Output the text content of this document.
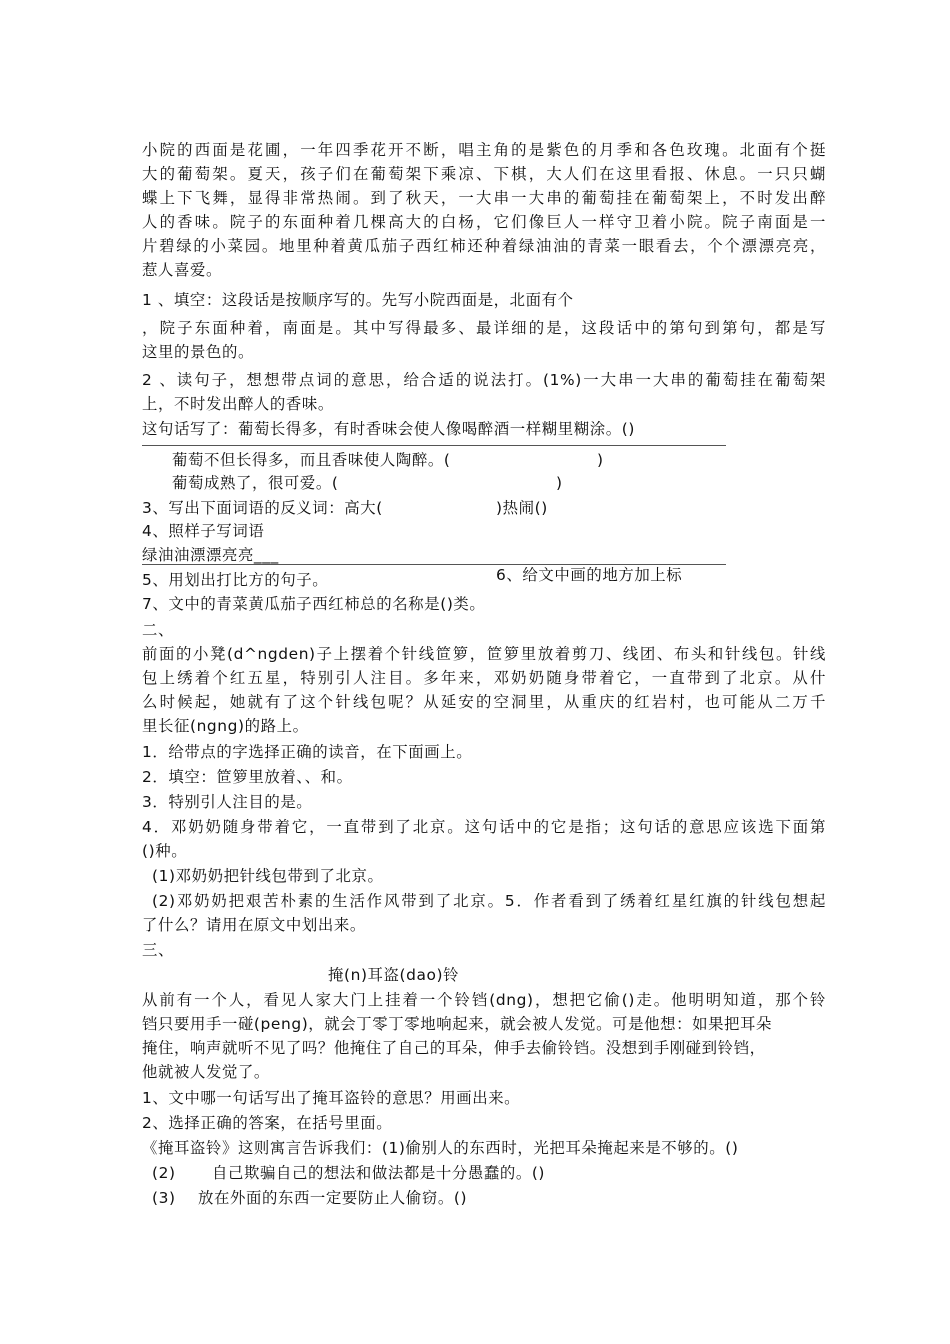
小院的西面是花圃，一年四季花开不断，唱主角的是紫色的月季和各色玫瑰。北面有个挺
大的葡萄架。夏天，孩子们在葡萄架下乘凉、下棋，大人们在这里看报、休息。一只只蝴
蝶上下飞舞，显得非常热闹。到了秋天，一大串一大串的葡萄挂在葡萄架上，不时发出醉
人的香味。院子的东面种着几棵高大的白杨，它们像巨人一样守卫着小院。院子南面是一
片碧绿的小菜园。地里种着黄瓜茄子西红柿还种着绿油油的青菜一眼看去，个个漂漂亮亮，
惹人喜爱。
1 、填空：这段话是按顺序写的。先写小院西面是，北面有个
，院子东面种着，南面是。其中写得最多、最详细的是，这段话中的第句到第句，都是写
这里的景色的。
2 、读句子，想想带点词的意思，给合适的说法打。(1%)一大串一大串的葡萄挂在葡萄架
上，不时发出醉人的香味。
这句话写了：葡萄长得多，有时香味会使人像喝醉酒一样糊里糊涂。()
葡萄不但长得多，而且香味使人陶醉。(	)
葡萄成熟了，很可爱。(	)
3、写出下面词语的反义词：高大(	)热闹()
4、照样子写词语
绿油油漂漂亮亮___
5、用划出打比方的句子。	6、给文中画的地方加上标
7、文中的青菜黄瓜茄子西红柿总的名称是()类。
二、
前面的小凳(d^ngden)子上摆着个针线笸箩，笸箩里放着剪刀、线团、布头和针线包。针线
包上绣着个红五星，特别引人注目。多年来，邓奶奶随身带着它，一直带到了北京。从什
么时候起，她就有了这个针线包呢？从延安的空洞里，从重庆的红岩村，也可能从二万千
里长征(ngng)的路上。
1．给带点的字选择正确的读音，在下面画上。
2．填空：笸箩里放着、、和。
3．特别引人注目的是。
4．邓奶奶随身带着它，一直带到了北京。这句话中的它是指；这句话的意思应该选下面第
()种。
(1)邓奶奶把针线包带到了北京。
(2)邓奶奶把艰苦朴素的生活作风带到了北京。5．作者看到了绣着红星红旗的针线包想起
了什么？请用在原文中划出来。
三、
掩(n)耳盗(dao)铃
从前有一个人，看见人家大门上挂着一个铃铛(dng)，想把它偷()走。他明明知道，那个铃
铛只要用手一碰(peng)，就会丁零丁零地响起来，就会被人发觉。可是他想：如果把耳朵
掩住，响声就听不见了吗？他掩住了自己的耳朵，伸手去偷铃铛。没想到手刚碰到铃铛，
他就被人发觉了。
1、文中哪一句话写出了掩耳盗铃的意思？用画出来。
2、选择正确的答案，在括号里面。
《掩耳盗铃》这则寓言告诉我们：(1)偷别人的东西时，光把耳朵掩起来是不够的。()
(2) 自己欺骗自己的想法和做法都是十分愚蠢的。()
(3) 放在外面的东西一定要防止人偷窃。()
